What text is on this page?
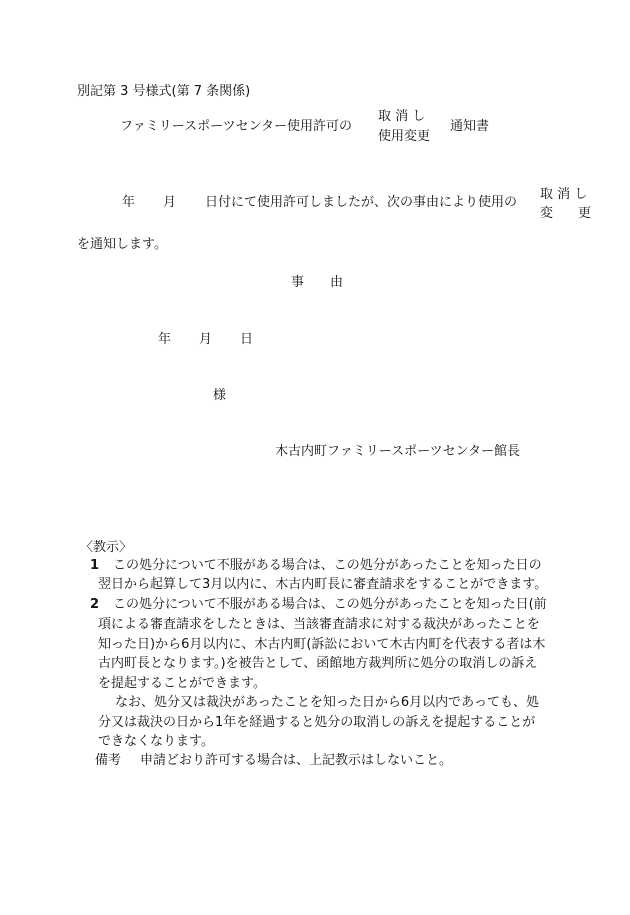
別記第 3 号様式(第 7 条関係)
ファミリースポーツセンター使用許可の
取 消 し
使用変更
通知書
年 月 日付にて使用許可しましたが、次の事由により使用の
取 消 し
変 更
を通知します。
事 由
年 月 日
様
木古内町ファミリースポーツセンター館長
〈教示〉
1 この処分について不服がある場合は、この処分があったことを知った日の
翌日から起算して3月以内に、木古内町長に審査請求をすることができます。
2 この処分について不服がある場合は、この処分があったことを知った日(前
項による審査請求をしたときは、当該審査請求に対する裁決があったことを
知った日)から6月以内に、木古内町(訴訟において木古内町を代表する者は木
古内町長となります。)を被告として、函館地方裁判所に処分の取消しの訴え
を提起することができます。
なお、処分又は裁決があったことを知った日から6月以内であっても、処
分又は裁決の日から1年を経過すると処分の取消しの訴えを提起することが
できなくなります。
備考 申請どおり許可する場合は、上記教示はしないこと。
